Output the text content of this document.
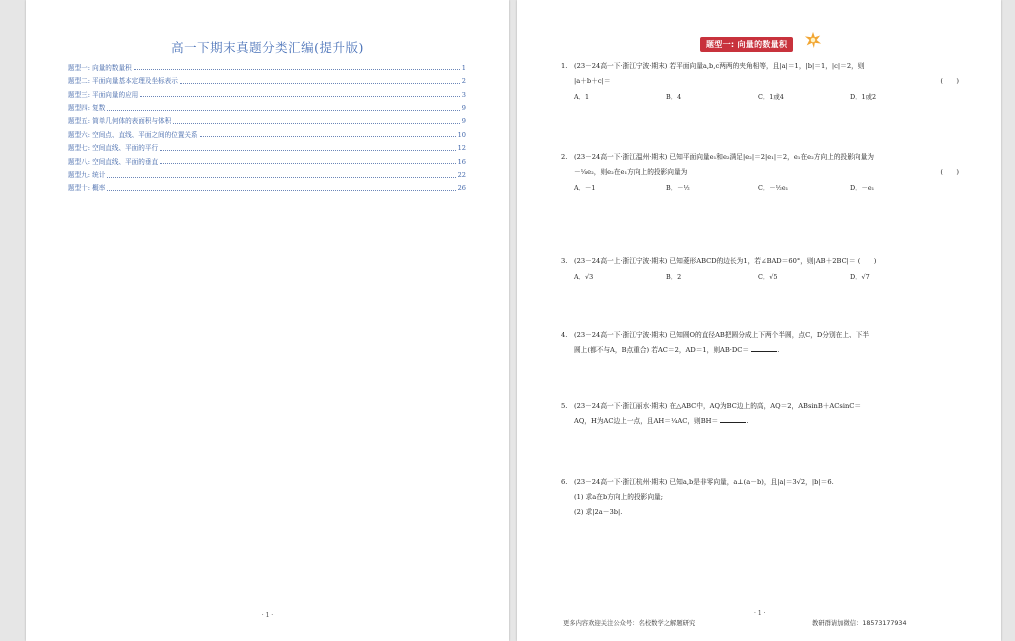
高一下期末真题分类汇编(提升版)
题型一: 向量的数量积	1
题型二: 平面向量基本定理及坐标表示	2
题型三: 平面向量的应用	3
题型四: 复数	9
题型五: 简单几何体的表面积与体积	9
题型六: 空间点、直线、平面之间的位置关系	10
题型七: 空间直线、平面的平行	12
题型八: 空间直线、平面的垂直	16
题型九: 统计	22
题型十: 概率	26
· 1 ·
题型一: 向量的数量积
1. (23－24高一下·浙江宁波·期末) 若平面向量a,b,c两两的夹角相等，且|a|＝1，|b|＝1，|c|＝2，则
|a＋b＋c|＝	(　　)
A．1	B．4	C．1或4	D．1或2
2. (23－24高一下·浙江温州·期末) 已知平面向量e₁和e₂满足|e₂|＝2|e₁|＝2，e₁在e₂方向上的投影向量为
－¼e₂，则e₂在e₁方向上的投影向量为	(　　)
A．－1	B．－½	C．－½e₁	D．－e₁
3. (23－24高一上·浙江宁波·期末) 已知菱形ABCD的边长为1，若∠BAD＝60°，则|AB＋2BC|＝ (　　)
A．√3	B．2	C．√5	D．√7
4. (23－24高一下·浙江宁波·期末) 已知圆O的直径AB把圆分成上下两个半圆，点C，D分别在上、下半
圆上(都不与A，B点重合) 若AC＝2，AD＝1，则AB·DC＝	.
5. (23－24高一下·浙江丽水·期末) 在△ABC中，AQ为BC边上的高，AQ＝2，ABsinB＋ACsinC＝
AQ，H为AC边上一点，且AH＝¼AC，则BH＝	.
6. (23－24高一下·浙江杭州·期末) 已知a,b是非零向量，a⊥(a－b)，且|a|＝3√2，|b|＝6.
(1) 求a在b方向上的投影向量;
(2) 求|2a－3b|.
· 1 ·
更多内容欢迎关注公众号：名校数学之解题研究	教研群请加微信：18573177934
